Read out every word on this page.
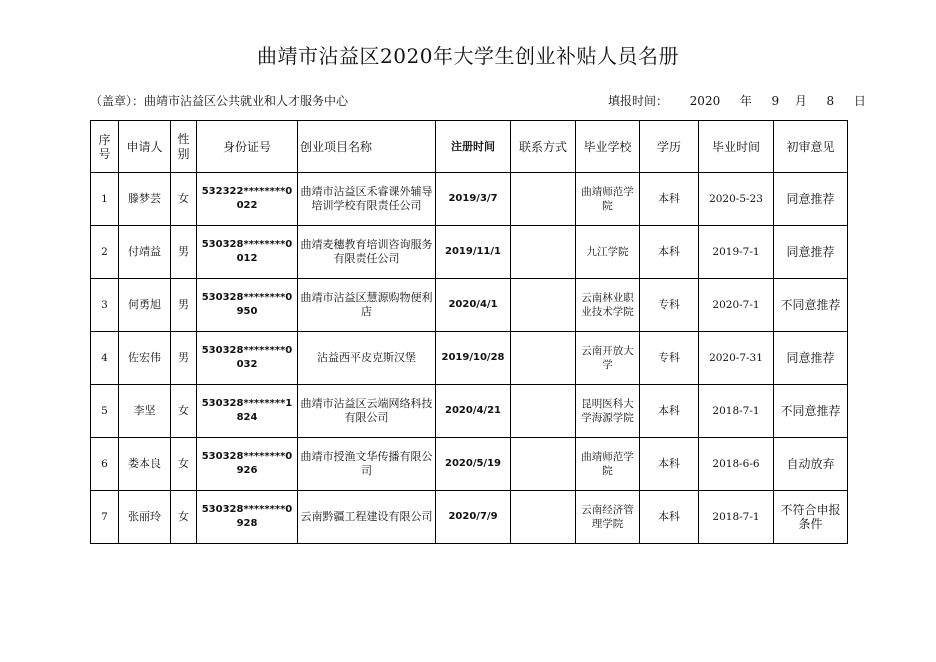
曲靖市沾益区2020年大学生创业补贴人员名册
（盖章）：曲靖市沾益区公共就业和人才服务中心	填报时间： 2020 年 9 月 8 日
序号	申请人	性别	身份证号	创业项目名称	注册时间	联系方式	毕业学校	学历	毕业时间	初审意见
1	滕梦芸	女	532322********0022	曲靖市沾益区禾睿课外辅导培训学校有限责任公司	2019/3/7		曲靖师范学院	本科	2020-5-23	同意推荐
2	付靖益	男	530328********0012	曲靖麦穗教育培训咨询服务有限责任公司	2019/11/1		九江学院	本科	2019-7-1	同意推荐
3	何勇旭	男	530328********0950	曲靖市沾益区慧源购物便利店	2020/4/1		云南林业职业技术学院	专科	2020-7-1	不同意推荐
4	佐宏伟	男	530328********0032	沾益西平皮克斯汉堡	2019/10/28		云南开放大学	专科	2020-7-31	同意推荐
5	李坚	女	530328********1824	曲靖市沾益区云端网络科技有限公司	2020/4/21		昆明医科大学海源学院	本科	2018-7-1	不同意推荐
6	娄本良	女	530328********0926	曲靖市授渔文华传播有限公司	2020/5/19		曲靖师范学院	本科	2018-6-6	自动放弃
7	张丽玲	女	530328********0928	云南黔疆工程建设有限公司	2020/7/9		云南经济管理学院	本科	2018-7-1	不符合申报条件
